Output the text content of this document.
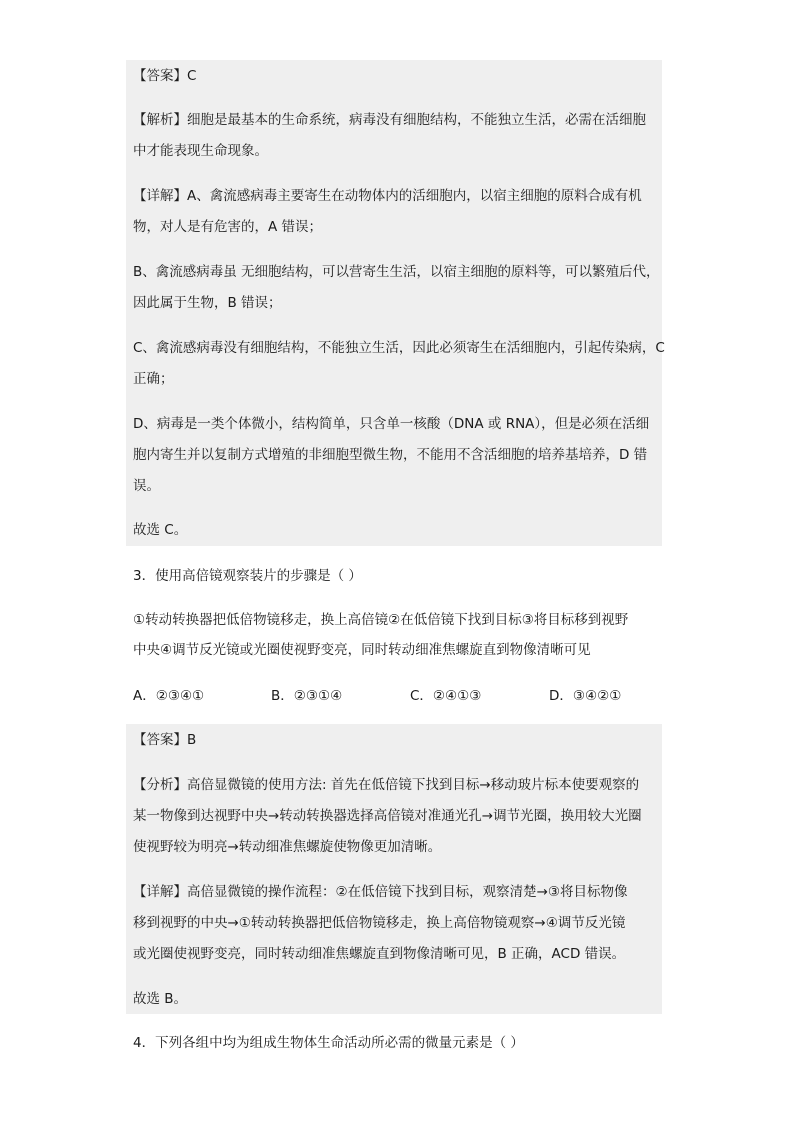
【答案】C
【解析】细胞是最基本的生命系统，病毒没有细胞结构，不能独立生活，必需在活细胞
中才能表现生命现象。
【详解】A、禽流感病毒主要寄生在动物体内的活细胞内，以宿主细胞的原料合成有机
物，对人是有危害的，A 错误；
B、禽流感病毒虽 无细胞结构，可以营寄生生活，以宿主细胞的原料等，可以繁殖后代，
因此属于生物，B 错误；
C、禽流感病毒没有细胞结构，不能独立生活，因此必须寄生在活细胞内，引起传染病，C
正确；
D、病毒是一类个体微小，结构简单，只含单一核酸（DNA 或 RNA），但是必须在活细
胞内寄生并以复制方式增殖的非细胞型微生物，不能用不含活细胞的培养基培养，D 错
误。
故选 C。
3．使用高倍镜观察装片的步骤是（ ）
①转动转换器把低倍物镜移走，换上高倍镜②在低倍镜下找到目标③将目标移到视野
中央④调节反光镜或光圈使视野变亮，同时转动细准焦螺旋直到物像清晰可见
A．②③④①	B．②③①④	C．②④①③	D．③④②①
【答案】B
【分析】高倍显微镜的使用方法: 首先在低倍镜下找到目标→移动玻片标本使要观察的
某一物像到达视野中央→转动转换器选择高倍镜对准通光孔→调节光圈，换用较大光圈
使视野较为明亮→转动细准焦螺旋使物像更加清晰。
【详解】高倍显微镜的操作流程：②在低倍镜下找到目标，观察清楚→③将目标物像
移到视野的中央→①转动转换器把低倍物镜移走，换上高倍物镜观察→④调节反光镜
或光圈使视野变亮，同时转动细准焦螺旋直到物像清晰可见，B 正确，ACD 错误。
故选 B。
4．下列各组中均为组成生物体生命活动所必需的微量元素是（ ）
